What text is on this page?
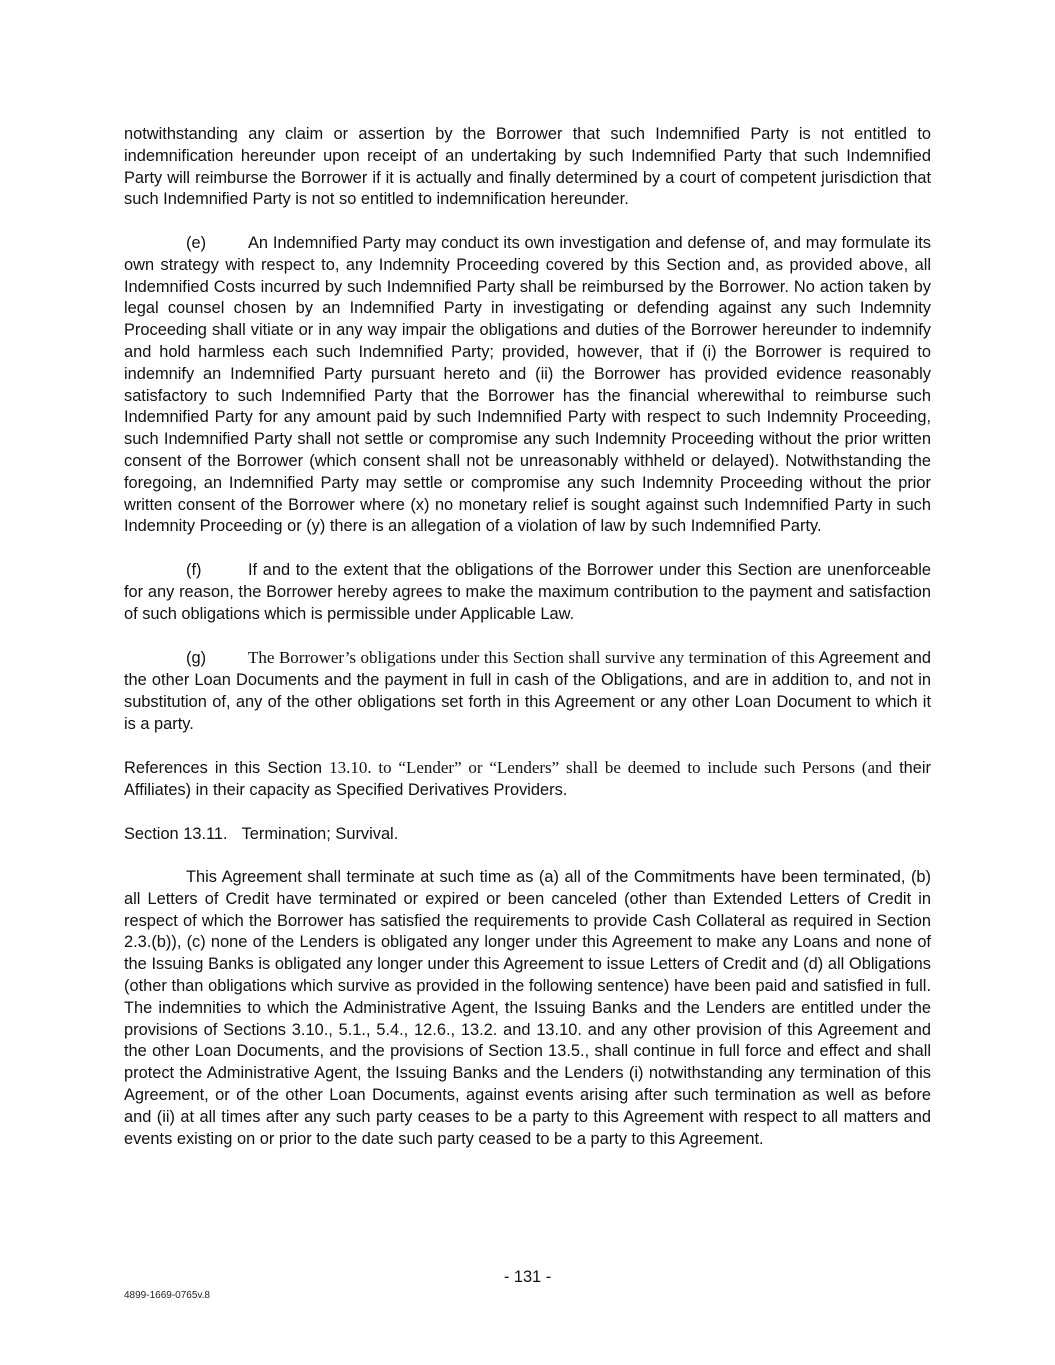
notwithstanding any claim or assertion by the Borrower that such Indemnified Party is not entitled to indemnification hereunder upon receipt of an undertaking by such Indemnified Party that such Indemnified Party will reimburse the Borrower if it is actually and finally determined by a court of competent jurisdiction that such Indemnified Party is not so entitled to indemnification hereunder.

(e)	An Indemnified Party may conduct its own investigation and defense of, and may formulate its own strategy with respect to, any Indemnity Proceeding covered by this Section and, as provided above, all Indemnified Costs incurred by such Indemnified Party shall be reimbursed by the Borrower. No action taken by legal counsel chosen by an Indemnified Party in investigating or defending against any such Indemnity Proceeding shall vitiate or in any way impair the obligations and duties of the Borrower hereunder to indemnify and hold harmless each such Indemnified Party; provided, however, that if (i) the Borrower is required to indemnify an Indemnified Party pursuant hereto and (ii) the Borrower has provided evidence reasonably satisfactory to such Indemnified Party that the Borrower has the financial wherewithal to reimburse such Indemnified Party for any amount paid by such Indemnified Party with respect to such Indemnity Proceeding, such Indemnified Party shall not settle or compromise any such Indemnity Proceeding without the prior written consent of the Borrower (which consent shall not be unreasonably withheld or delayed). Notwithstanding the foregoing, an Indemnified Party may settle or compromise any such Indemnity Proceeding without the prior written consent of the Borrower where (x) no monetary relief is sought against such Indemnified Party in such Indemnity Proceeding or (y) there is an allegation of a violation of law by such Indemnified Party.

(f)	If and to the extent that the obligations of the Borrower under this Section are unenforceable for any reason, the Borrower hereby agrees to make the maximum contribution to the payment and satisfaction of such obligations which is permissible under Applicable Law.

(g) The Borrower’s obligations under this Section shall survive any termination of this Agreement and the other Loan Documents and the payment in full in cash of the Obligations, and are in addition to, and not in substitution of, any of the other obligations set forth in this Agreement or any other Loan Document to which it is a party.

References in this Section 13.10. to “Lender” or “Lenders” shall be deemed to include such Persons (and their Affiliates) in their capacity as Specified Derivatives Providers.

Section 13.11. Termination; Survival.

This Agreement shall terminate at such time as (a) all of the Commitments have been terminated, (b) all Letters of Credit have terminated or expired or been canceled (other than Extended Letters of Credit in respect of which the Borrower has satisfied the requirements to provide Cash Collateral as required in Section 2.3.(b)), (c) none of the Lenders is obligated any longer under this Agreement to make any Loans and none of the Issuing Banks is obligated any longer under this Agreement to issue Letters of Credit and (d) all Obligations (other than obligations which survive as provided in the following sentence) have been paid and satisfied in full. The indemnities to which the Administrative Agent, the Issuing Banks and the Lenders are entitled under the provisions of Sections 3.10., 5.1., 5.4., 12.6., 13.2. and 13.10. and any other provision of this Agreement and the other Loan Documents, and the provisions of Section 13.5., shall continue in full force and effect and shall protect the Administrative Agent, the Issuing Banks and the Lenders (i) notwithstanding any termination of this Agreement, or of the other Loan Documents, against events arising after such termination as well as before and (ii) at all times after any such party ceases to be a party to this Agreement with respect to all matters and events existing on or prior to the date such party ceased to be a party to this Agreement.

- 131 -
4899-1669-0765v.8
